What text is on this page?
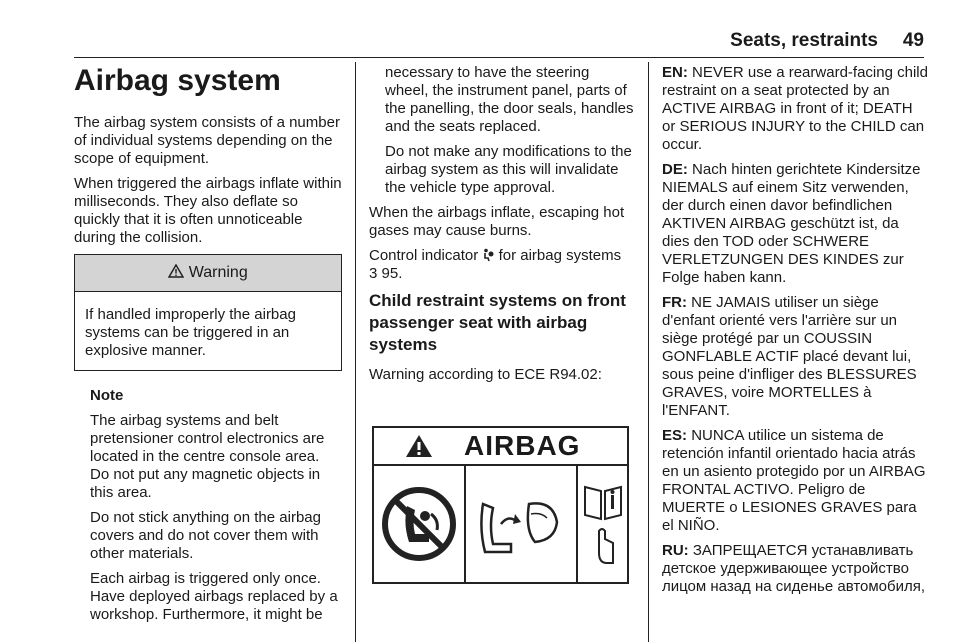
Seats, restraints 49
Airbag system

The airbag system consists of a number of individual systems depending on the scope of equipment.

When triggered the airbags inflate within milliseconds. They also deflate so quickly that it is often unnoticeable during the collision.

Warning
If handled improperly the airbag systems can be triggered in an explosive manner.

Note

The airbag systems and belt pretensioner control electronics are located in the centre console area. Do not put any magnetic objects in this area.

Do not stick anything on the airbag covers and do not cover them with other materials.

Each airbag is triggered only once. Have deployed airbags replaced by a workshop. Furthermore, it might be

necessary to have the steering wheel, the instrument panel, parts of the panelling, the door seals, handles and the seats replaced.

Do not make any modifications to the airbag system as this will invalidate the vehicle type approval.

When the airbags inflate, escaping hot gases may cause burns.

Control indicator for airbag systems
3 95.

Child restraint systems on front passenger seat with airbag systems

Warning according to ECE R94.02:

AIRBAG

EN: NEVER use a rearward-facing child restraint on a seat protected by an ACTIVE AIRBAG in front of it; DEATH or SERIOUS INJURY to the CHILD can occur.

DE: Nach hinten gerichtete Kindersitze NIEMALS auf einem Sitz verwenden, der durch einen davor befindlichen AKTIVEN AIRBAG geschützt ist, da dies den TOD oder SCHWERE VERLETZUNGEN DES KINDES zur Folge haben kann.

FR: NE JAMAIS utiliser un siège d'enfant orienté vers l'arrière sur un siège protégé par un COUSSIN GONFLABLE ACTIF placé devant lui, sous peine d'infliger des BLESSURES GRAVES, voire MORTELLES à l'ENFANT.

ES: NUNCA utilice un sistema de retención infantil orientado hacia atrás en un asiento protegido por un AIRBAG FRONTAL ACTIVO. Peligro de MUERTE o LESIONES GRAVES para el NIÑO.

RU: ЗАПРЕЩАЕТСЯ устанавливать детское удерживающее устройство лицом назад на сиденье автомобиля,
